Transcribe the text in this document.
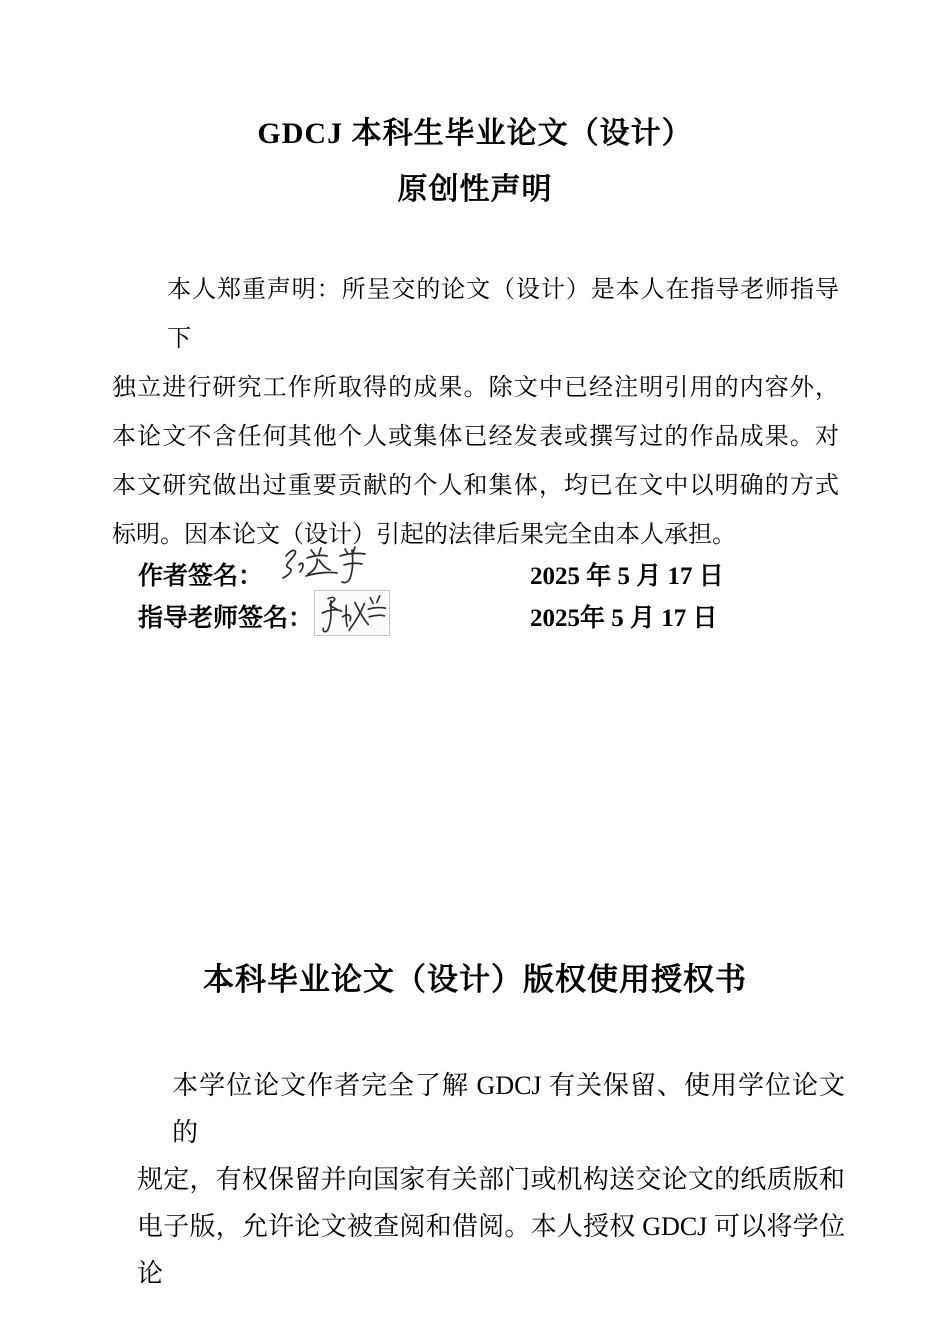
GDCJ 本科生毕业论文（设计）
原创性声明
本人郑重声明：所呈交的论文（设计）是本人在指导老师指导下
独立进行研究工作所取得的成果。除文中已经注明引用的内容外，
本论文不含任何其他个人或集体已经发表或撰写过的作品成果。对
本文研究做出过重要贡献的个人和集体，均已在文中以明确的方式
标明。因本论文（设计）引起的法律后果完全由本人承担。
作者签名：	2025 年 5 月 17 日
指导老师签名：	2025年 5 月 17 日
本科毕业论文（设计）版权使用授权书
本学位论文作者完全了解 GDCJ 有关保留、使用学位论文的
规定，有权保留并向国家有关部门或机构送交论文的纸质版和
电子版，允许论文被查阅和借阅。本人授权 GDCJ 可以将学位论
